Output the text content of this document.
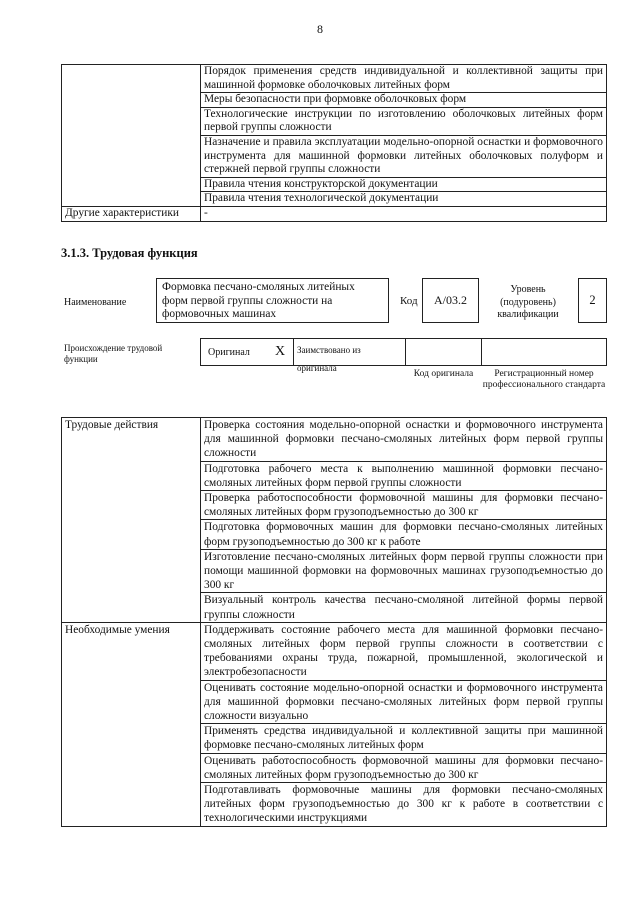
8
	Порядок применения средств индивидуальной и коллективной защиты при машинной формовке оболочковых литейных форм
	Меры безопасности при формовке оболочковых форм
	Технологические инструкции по изготовлению оболочковых литейных форм первой группы сложности
	Назначение и правила эксплуатации модельно-опорной оснастки и формовочного инструмента для машинной формовки литейных оболочковых полуформ и стержней первой группы сложности
	Правила чтения конструкторской документации
	Правила чтения технологической документации
Другие характеристики	-
3.1.3. Трудовая функция
Наименование
Формовка песчано-смоляных литейных форм первой группы сложности на формовочных машинах
Код	А/03.2
Уровень (подуровень) квалификации
2
Происхождение трудовой функции
Оригинал X	Заимствовано из оригинала
Код оригинала	Регистрационный номер профессионального стандарта
Трудовые действия	Проверка состояния модельно-опорной оснастки и формовочного инструмента для машинной формовки песчано-смоляных литейных форм первой группы сложности
	Подготовка рабочего места к выполнению машинной формовки песчано-смоляных литейных форм первой группы сложности
	Проверка работоспособности формовочной машины для формовки песчано-смоляных литейных форм грузоподъемностью до 300 кг
	Подготовка формовочных машин для формовки песчано-смоляных литейных форм грузоподъемностью до 300 кг к работе
	Изготовление песчано-смоляных литейных форм первой группы сложности при помощи машинной формовки на формовочных машинах грузоподъемностью до 300 кг
	Визуальный контроль качества песчано-смоляной литейной формы первой группы сложности
Необходимые умения	Поддерживать состояние рабочего места для машинной формовки песчано-смоляных литейных форм первой группы сложности в соответствии с требованиями охраны труда, пожарной, промышленной, экологической и электробезопасности
	Оценивать состояние модельно-опорной оснастки и формовочного инструмента для машинной формовки песчано-смоляных литейных форм первой группы сложности визуально
	Применять средства индивидуальной и коллективной защиты при машинной формовке песчано-смоляных литейных форм
	Оценивать работоспособность формовочной машины для формовки песчано-смоляных литейных форм грузоподъемностью до 300 кг
	Подготавливать формовочные машины для формовки песчано-смоляных литейных форм грузоподъемностью до 300 кг к работе в соответствии с технологическими инструкциями
